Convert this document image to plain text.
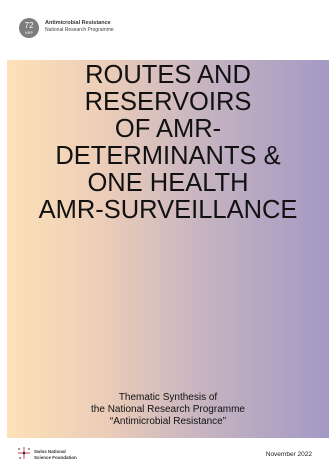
72
NRP
Antimicrobial Resistance
National Research Programme
ROUTES AND
RESERVOIRS
OF AMR-
DETERMINANTS &
ONE HEALTH
AMR-SURVEILLANCE
Thematic Synthesis of
the National Research Programme
“Antimicrobial Resistance”
Swiss National
Science Foundation	November 2022
